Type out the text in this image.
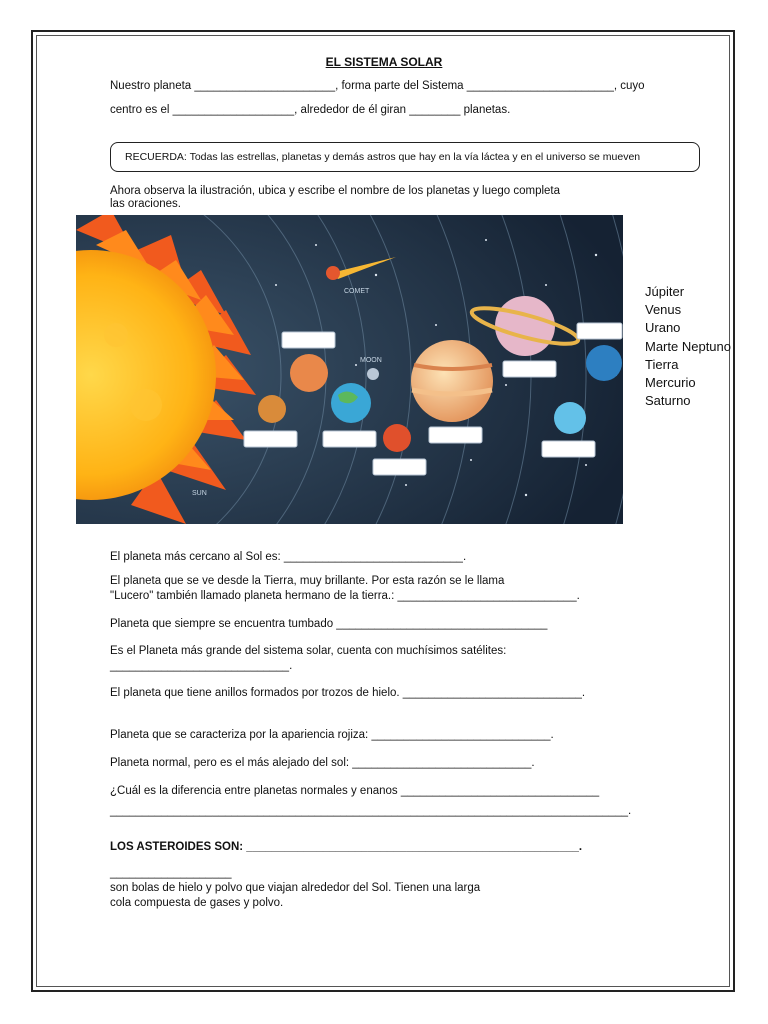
EL SISTEMA SOLAR
Nuestro planeta ______________________, forma parte del Sistema _______________________, cuyo
centro es el ___________________, alrededor de él giran ________ planetas.
RECUERDA: Todas las estrellas, planetas y demás astros que hay en la vía láctea y en el universo se mueven
Ahora observa la ilustración, ubica y escribe el nombre de los planetas y luego completa
las oraciones.
COMET
MOON
SUN
Júpiter
Venus
Urano
Marte Neptuno
Tierra
Mercurio
Saturno
El planeta más cercano al Sol es: ____________________________.
El planeta que se ve desde la Tierra, muy brillante. Por esta razón se le llama
"Lucero" también llamado planeta hermano de la tierra.: ____________________________.
Planeta que siempre se encuentra tumbado _________________________________
Es el Planeta más grande del sistema solar, cuenta con muchísimos satélites:
____________________________.
El planeta que tiene anillos formados por trozos de hielo. ____________________________.
Planeta que se caracteriza por la apariencia rojiza: ____________________________.
Planeta normal, pero es el más alejado del sol: ____________________________.
¿Cuál es la diferencia entre planetas normales y enanos _______________________________
_________________________________________________________________________________.
LOS ASTEROIDES SON: ____________________________________________________.
___________________
son bolas de hielo y polvo que viajan alrededor del Sol. Tienen una larga
cola compuesta de gases y polvo.
